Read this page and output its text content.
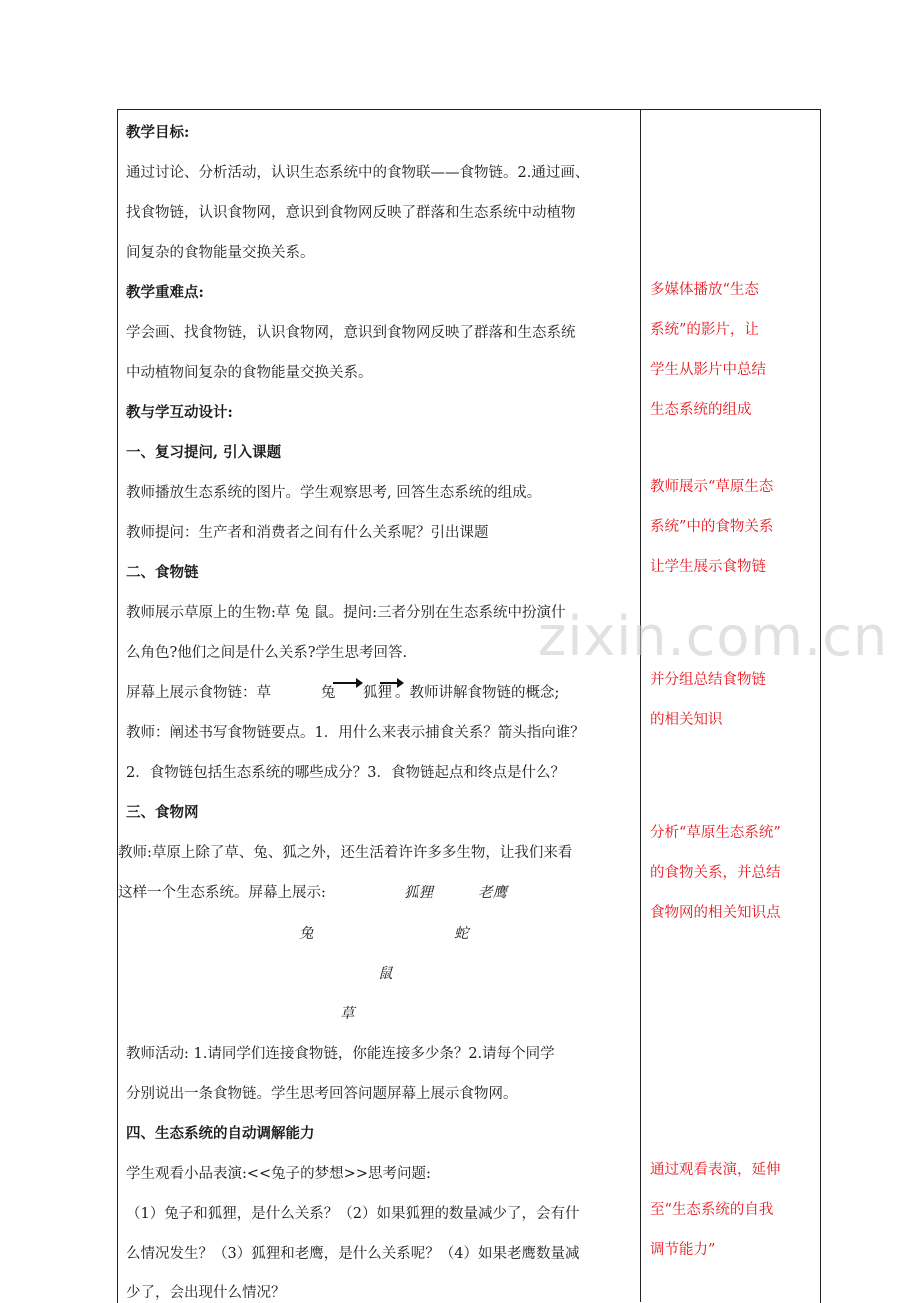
zixin.com.cn
教学目标:
通过讨论、分析活动，认识生态系统中的食物联——食物链。2.通过画、
找食物链，认识食物网，意识到食物网反映了群落和生态系统中动植物
间复杂的食物能量交换关系。
教学重难点:
学会画、找食物链，认识食物网，意识到食物网反映了群落和生态系统
中动植物间复杂的食物能量交换关系。
教与学互动设计:
一、复习提问, 引入课题
教师播放生态系统的图片。学生观察思考, 回答生态系统的组成。
教师提问：生产者和消费者之间有什么关系呢？引出课题
二、食物链
教师展示草原上的生物:草 兔 鼠。提问:三者分别在生态系统中扮演什
么角色?他们之间是什么关系?学生思考回答.
屏幕上展示食物链：草	兔 狐狸 。教师讲解食物链的概念;
教师：阐述书写食物链要点。1．用什么来表示捕食关系？箭头指向谁？
2．食物链包括生态系统的哪些成分？3．食物链起点和终点是什么？
三、食物网
教师:草原上除了草、兔、狐之外，还生活着许许多多生物，让我们来看
这样一个生态系统。屏幕上展示:	狐狸	老鹰
兔	蛇
鼠
草
教师活动: 1.请同学们连接食物链，你能连接多少条？2.请每个同学
分别说出一条食物链。学生思考回答问题屏幕上展示食物网。
四、生态系统的自动调解能力
学生观看小品表演:<<兔子的梦想>>思考问题:
（1）兔子和狐狸，是什么关系？（2）如果狐狸的数量减少了，会有什
么情况发生？（3）狐狸和老鹰，是什么关系呢？（4）如果老鹰数量减
少了，会出现什么情况？
多媒体播放“生态
系统”的影片，让
学生从影片中总结
生态系统的组成
教师展示“草原生态
系统”中的食物关系
让学生展示食物链
并分组总结食物链
的相关知识
分析“草原生态系统”
的食物关系，并总结
食物网的相关知识点
通过观看表演，延伸
至“生态系统的自我
调节能力”
